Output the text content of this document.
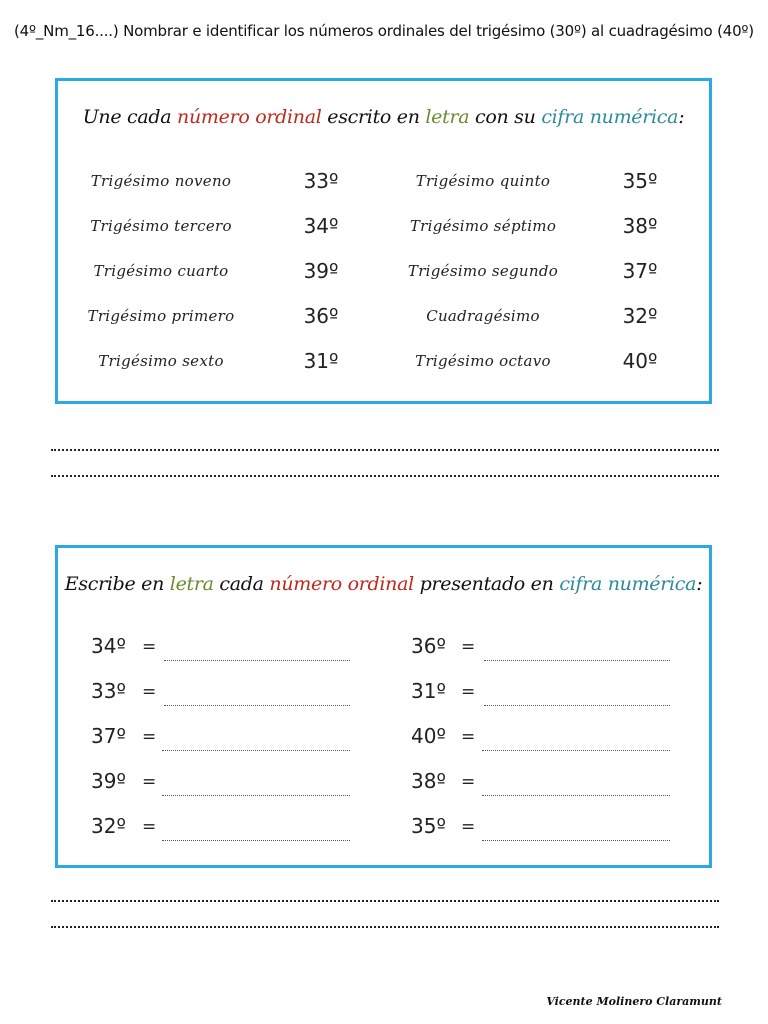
(4º_Nm_16....) Nombrar e identificar los números ordinales del trigésimo (30º) al cuadragésimo (40º)
Une cada número ordinal escrito en letra con su cifra numérica:
Trigésimo noveno
Trigésimo tercero
Trigésimo cuarto
Trigésimo primero
Trigésimo sexto
33º
34º
39º
36º
31º
Trigésimo quinto
Trigésimo séptimo
Trigésimo segundo
Cuadragésimo
Trigésimo octavo
35º
38º
37º
32º
40º
Escribe en letra cada número ordinal presentado en cifra numérica:
34º =
33º =
37º =
39º =
32º =
36º =
31º =
40º =
38º =
35º =
Vicente Molinero Claramunt
